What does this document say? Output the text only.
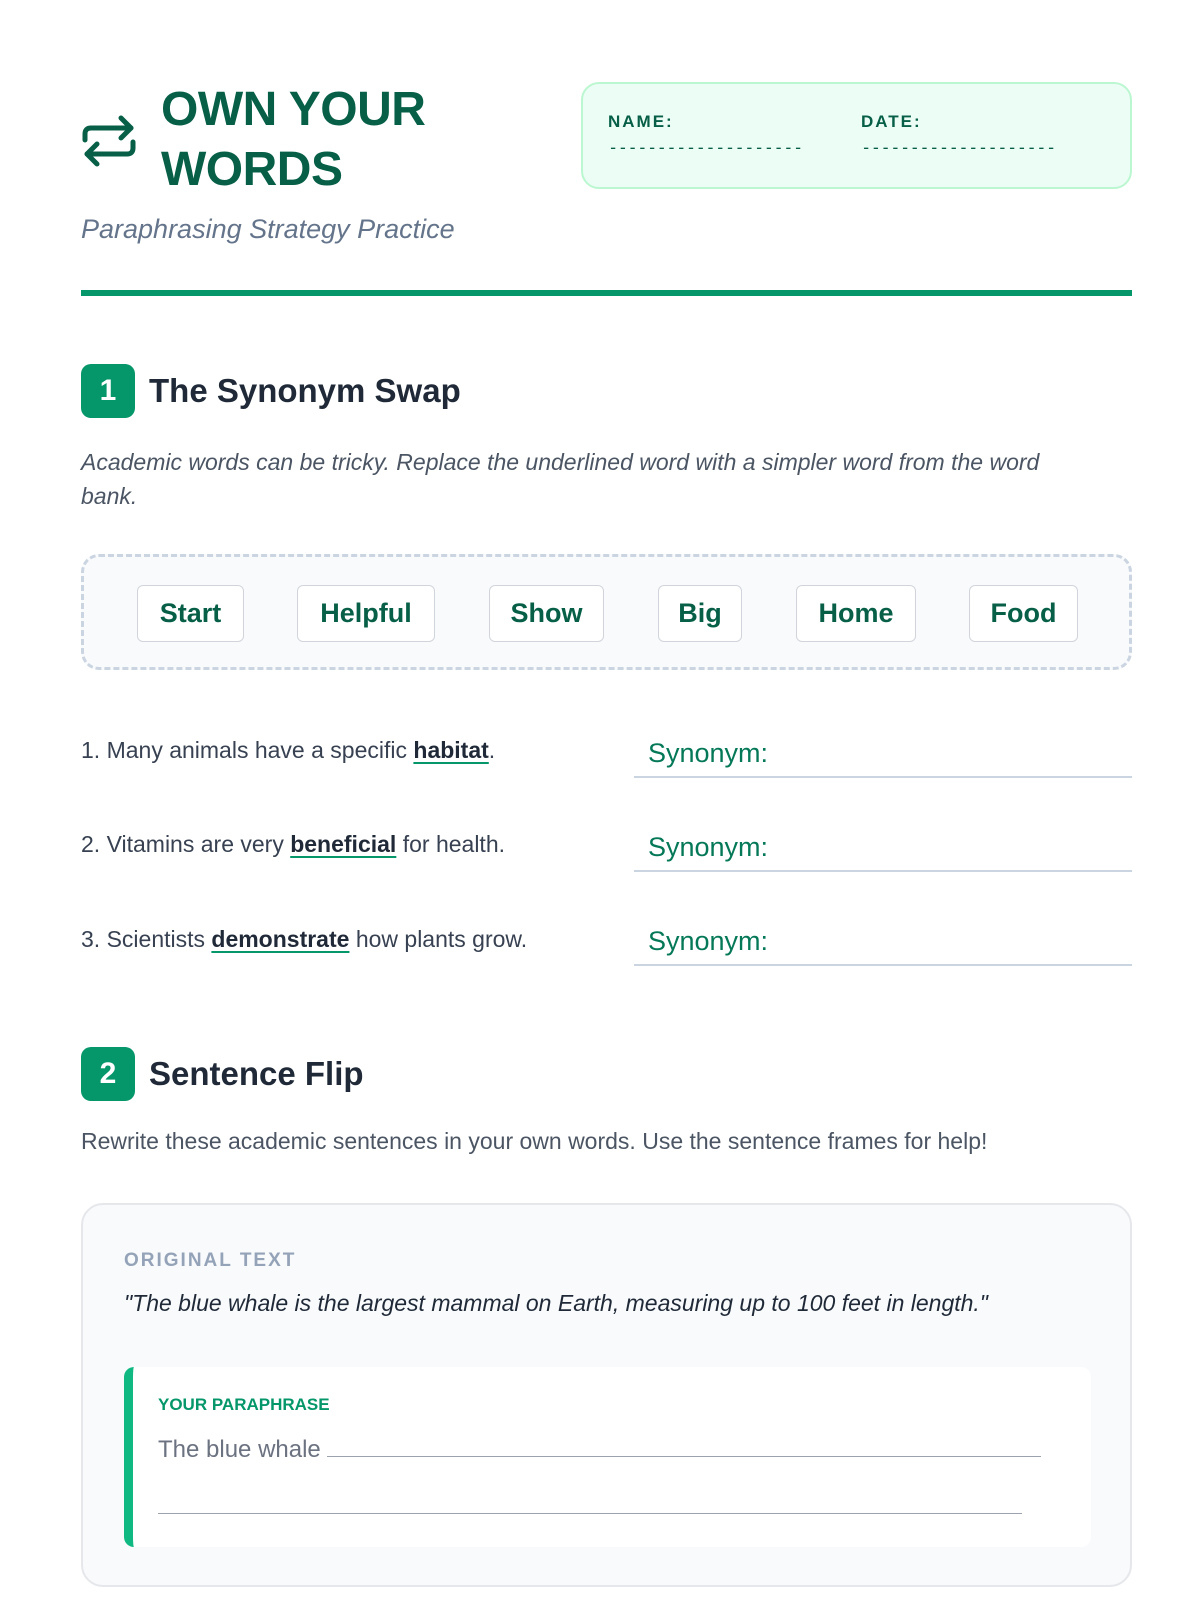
OWN YOUR WORDS
Paraphrasing Strategy Practice
NAME:
--------------------
DATE:
--------------------
1 The Synonym Swap
Academic words can be tricky. Replace the underlined word with a simpler word from the word bank.
Start	Helpful	Show	Big	Home	Food
1. Many animals have a specific habitat.	Synonym:
2. Vitamins are very beneficial for health.	Synonym:
3. Scientists demonstrate how plants grow.	Synonym:
2 Sentence Flip
Rewrite these academic sentences in your own words. Use the sentence frames for help!
ORIGINAL TEXT
"The blue whale is the largest mammal on Earth, measuring up to 100 feet in length."
YOUR PARAPHRASE
The blue whale
